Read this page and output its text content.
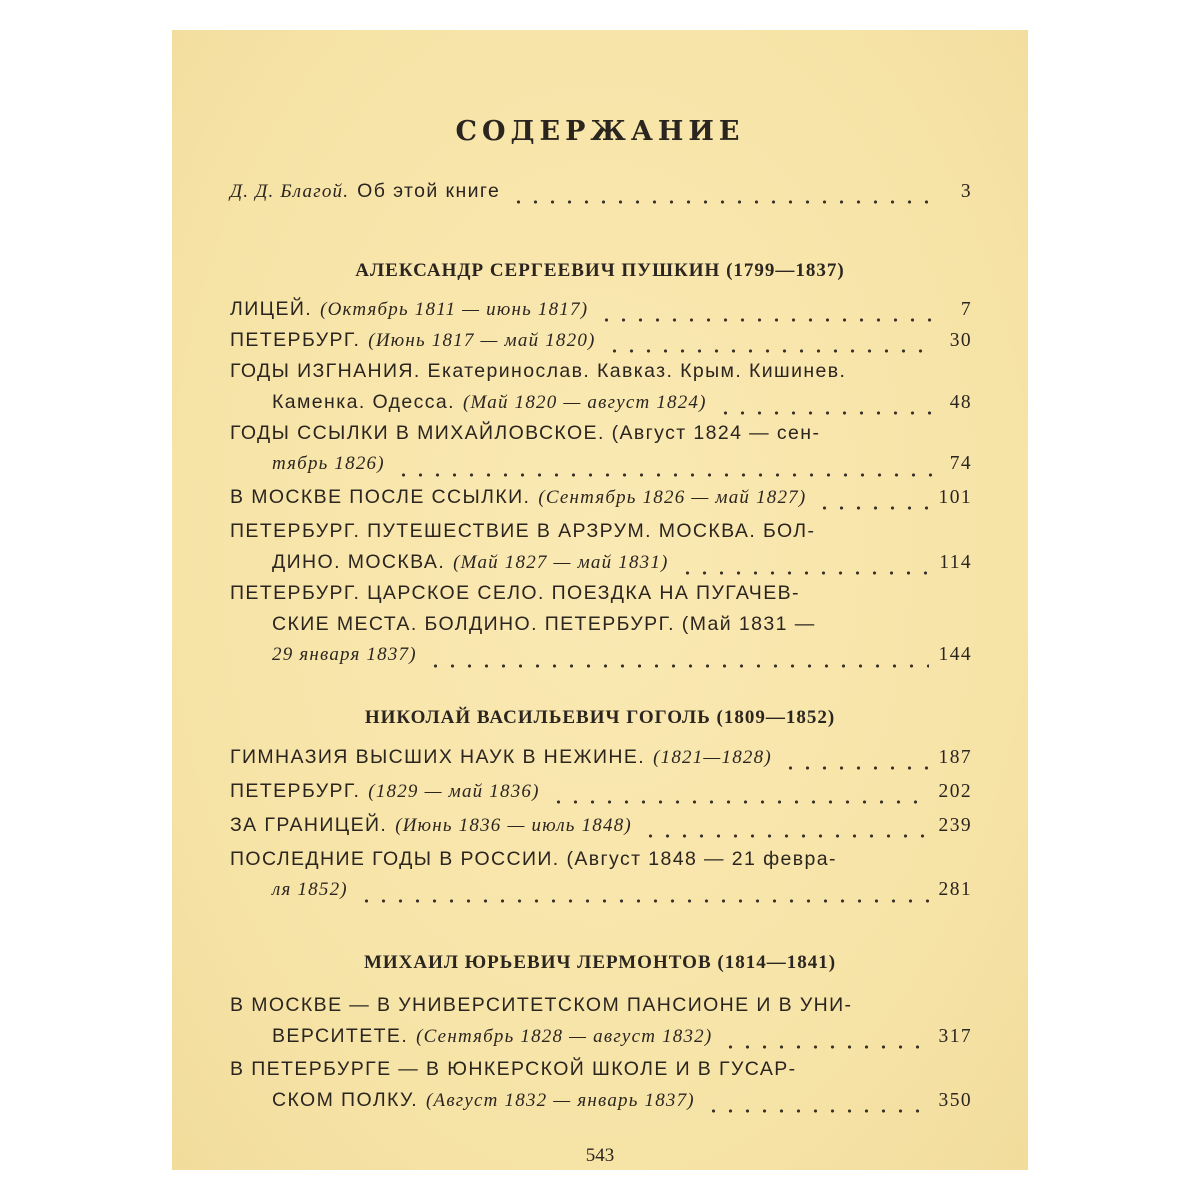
СОДЕРЖАНИЕ
Д. Д. Благой. Об этой книге	3
АЛЕКСАНДР СЕРГЕЕВИЧ ПУШКИН (1799—1837)
ЛИЦЕЙ. (Октябрь 1811 — июнь 1817)	7
ПЕТЕРБУРГ. (Июнь 1817 — май 1820)	30
ГОДЫ ИЗГНАНИЯ. Екатеринослав. Кавказ. Крым. Кишинев.
Каменка. Одесса. (Май 1820 — август 1824)	48
ГОДЫ ССЫЛКИ В МИХАЙЛОВСКОЕ. (Август 1824 — сен-
тябрь 1826)	74
В МОСКВЕ ПОСЛЕ ССЫЛКИ. (Сентябрь 1826 — май 1827)	101
ПЕТЕРБУРГ. ПУТЕШЕСТВИЕ В АРЗРУМ. МОСКВА. БОЛ-
ДИНО. МОСКВА. (Май 1827 — май 1831)	114
ПЕТЕРБУРГ. ЦАРСКОЕ СЕЛО. ПОЕЗДКА НА ПУГАЧЕВ-
СКИЕ МЕСТА. БОЛДИНО. ПЕТЕРБУРГ. (Май 1831 —
29 января 1837)	144
НИКОЛАЙ ВАСИЛЬЕВИЧ ГОГОЛЬ (1809—1852)
ГИМНАЗИЯ ВЫСШИХ НАУК В НЕЖИНЕ. (1821—1828)	187
ПЕТЕРБУРГ. (1829 — май 1836)	202
ЗА ГРАНИЦЕЙ. (Июнь 1836 — июль 1848)	239
ПОСЛЕДНИЕ ГОДЫ В РОССИИ. (Август 1848 — 21 февра-
ля 1852)	281
МИХАИЛ ЮРЬЕВИЧ ЛЕРМОНТОВ (1814—1841)
В МОСКВЕ — В УНИВЕРСИТЕТСКОМ ПАНСИОНЕ И В УНИ-
ВЕРСИТЕТЕ. (Сентябрь 1828 — август 1832)	317
В ПЕТЕРБУРГЕ — В ЮНКЕРСКОЙ ШКОЛЕ И В ГУСАР-
СКОМ ПОЛКУ. (Август 1832 — январь 1837)	350
543
